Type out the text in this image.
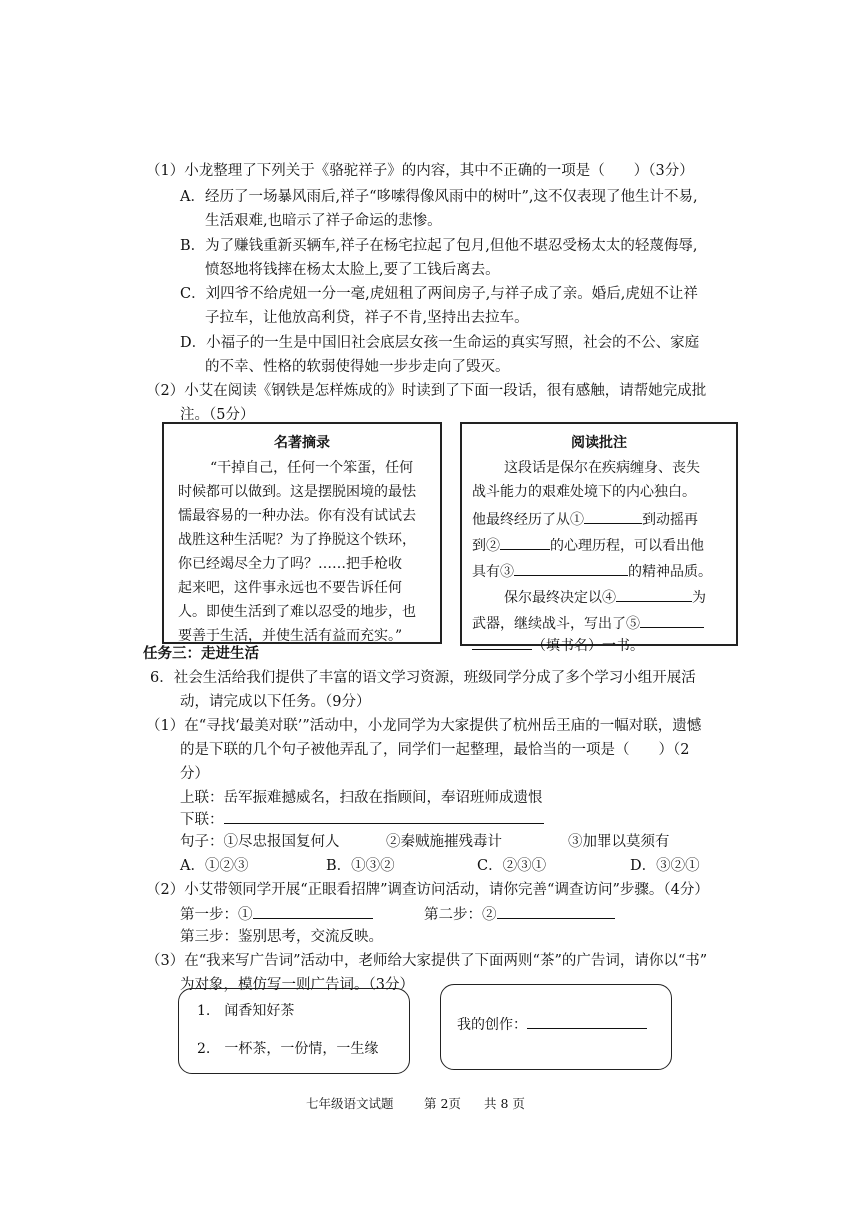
（1）小龙整理了下列关于《骆驼祥子》的内容，其中不正确的一项是（　　）（3分）
A．经历了一场暴风雨后,祥子“哆嗦得像风雨中的树叶”,这不仅表现了他生计不易,
生活艰难,也暗示了祥子命运的悲惨。
B．为了赚钱重新买辆车,祥子在杨宅拉起了包月,但他不堪忍受杨太太的轻蔑侮辱,
愤怒地将钱摔在杨太太脸上,要了工钱后离去。
C．刘四爷不给虎妞一分一毫,虎妞租了两间房子,与祥子成了亲。婚后,虎妞不让祥
子拉车，让他放高利贷，祥子不肯,坚持出去拉车。
D．小福子的一生是中国旧社会底层女孩一生命运的真实写照，社会的不公、家庭
的不幸、性格的软弱使得她一步步走向了毁灭。
（2）小艾在阅读《钢铁是怎样炼成的》时读到了下面一段话，很有感触，请帮她完成批
注。（5分）
名著摘录
“干掉自己，任何一个笨蛋，任何
时候都可以做到。这是摆脱困境的最怯
懦最容易的一种办法。你有没有试试去
战胜这种生活呢？为了挣脱这个铁环，
你已经竭尽全力了吗？……把手枪收
起来吧，这件事永远也不要告诉任何
人。即使生活到了难以忍受的地步，也
要善于生活，并使生活有益而充实。”
阅读批注
这段话是保尔在疾病缠身、丧失
战斗能力的艰难处境下的内心独白。
他最终经历了从①	到动摇再
到②	的心理历程，可以看出他
具有③	的精神品质。
保尔最终决定以④	为
武器，继续战斗，写出了⑤
（填书名）一书。
任务三：走进生活
6．社会生活给我们提供了丰富的语文学习资源，班级同学分成了多个学习小组开展活
动，请完成以下任务。（9分）
（1）在“寻找‘最美对联’”活动中，小龙同学为大家提供了杭州岳王庙的一幅对联，遗憾
的是下联的几个句子被他弄乱了，同学们一起整理，最恰当的一项是（　　）（2
分）
上联：岳军振难撼威名，扫敌在指顾间，奉诏班师成遗恨
下联：
句子：①尽忠报国复何人	②秦贼施摧残毒计	③加罪以莫须有
A．①②③	B．①③②	C．②③①	D．③②①
（2）小艾带领同学开展“正眼看招牌”调查访问活动，请你完善“调查访问”步骤。（4分）
第一步：①	第二步：②
第三步：鉴别思考，交流反映。
（3）在“我来写广告词”活动中，老师给大家提供了下面两则“茶”的广告词，请你以“书”
为对象，模仿写一则广告词。（3分）
1.　闻香知好茶
2.　一杯茶，一份情，一生缘
我的创作：
七年级语文试题 第 2页 共 8 页
